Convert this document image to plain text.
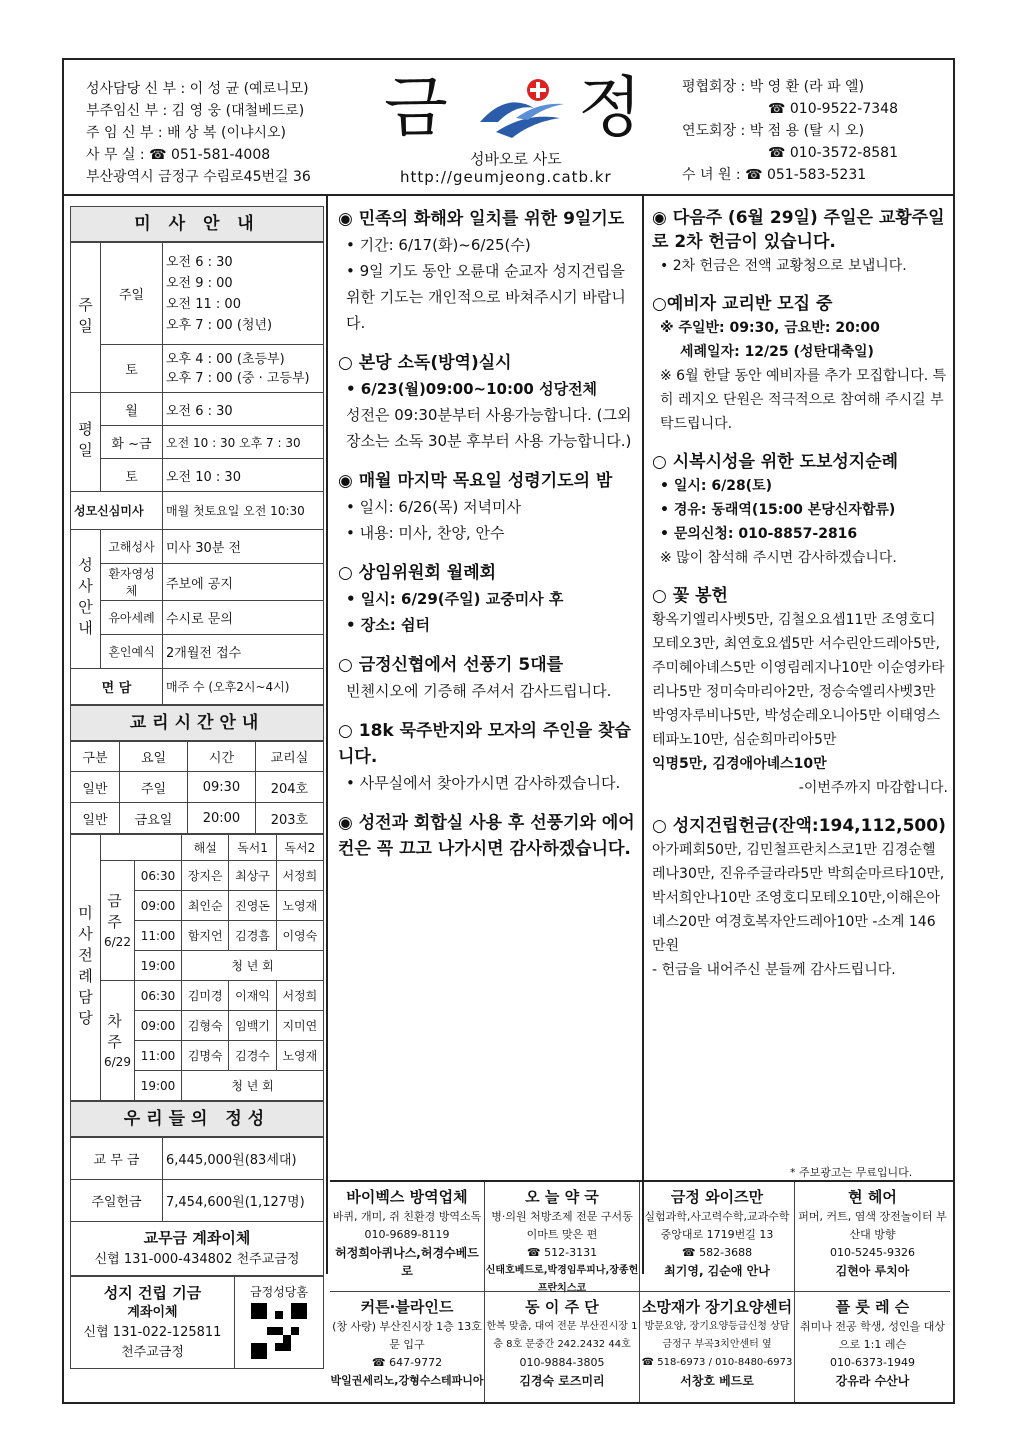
성사담당 신 부 : 이 성 균 (예로니모)
부주임신 부 : 김 영 웅 (대철베드로)
주 임 신 부 : 배 상 복 (이냐시오)
사 무 실 : ☎ 051-581-4008
부산광역시 금정구 수림로45번길 36
금 정
성바오로 사도
http://geumjeong.catb.kr
평협회장 : 박 영 환 (라 파 엘)
☎ 010-9522-7348
연도회장 : 박 점 용 (탈 시 오)
☎ 010-3572-8581
수 녀 원 : ☎ 051-583-5231
미 사 안 내
주일	주일	오전 6 : 30
오전 9 : 00
오전 11 : 00
오후 7 : 00 (청년)

	토	오후 4 : 00 (초등부)
오후 7 : 00 (중 · 고등부)

평일	월	오전 6 : 30
	화 ~금	오전 10 : 30 오후 7 : 30
	토	오전 10 : 30
성모신심미사		매월 첫토요일 오전 10:30
성사안내	고해성사	미사 30분 전
	환자영성체	주보에 공지
	유아세례	수시로 문의
	혼인예식	2개월전 접수
면 담		매주 수 (오후2시~4시)
교리시간안내
구분	요일	시간	교리실
일반	주일	09:30	204호
일반	금요일	20:00	203호
미사전례담당			해설	독서1	독서2

	금주
6/22	06:30	장지은	최상구	서정희
		09:00	최인순	진영돈	노영재
		11:00	함지언	김경흠	이영숙
		19:00	청 년 회		

	차주
6/29	06:30	김미경	이재익	서정희
		09:00	김형숙	임백기	지미연
		11:00	김명숙	김경수	노영재
		19:00	청 년 회		
우리들의 정성
교 무 금	6,445,000원(83세대)
주일헌금	7,454,600원(1,127명)

교무금 계좌이체
신협 131-000-434802 천주교금정	
성지 건립 기금
계좌이체
신협 131-022-125811
천주교금정

금정성당홈
◉ 민족의 화해와 일치를 위한 9일기도
• 기간: 6/17(화)~6/25(수)
• 9일 기도 동안 오륜대 순교자 성지건립을 위한 기도는 개인적으로 바쳐주시기 바랍니다.
○ 본당 소독(방역)실시
• 6/23(월)09:00~10:00 성당전체
성전은 09:30분부터 사용가능합니다. (그외 장소는 소독 30분 후부터 사용 가능합니다.)
◉ 매월 마지막 목요일 성령기도의 밤
• 일시: 6/26(목) 저녁미사
• 내용: 미사, 찬양, 안수
○ 상임위원회 월례회
• 일시: 6/29(주일) 교중미사 후
• 장소: 쉼터
○ 금정신협에서 선풍기 5대를
빈첸시오에 기증해 주셔서 감사드립니다.
○ 18k 묵주반지와 모자의 주인을 찾습니다.
• 사무실에서 찾아가시면 감사하겠습니다.
◉ 성전과 회합실 사용 후 선풍기와 에어컨은 꼭 끄고 나가시면 감사하겠습니다.
◉ 다음주 (6월 29일) 주일은 교황주일로 2차 헌금이 있습니다.
• 2차 헌금은 전액 교황청으로 보냅니다.
○예비자 교리반 모집 중
※ 주일반: 09:30, 금요반: 20:00
세례일자: 12/25 (성탄대축일)
※ 6월 한달 동안 예비자를 추가 모집합니다. 특히 레지오 단원은 적극적으로 참여해 주시길 부탁드립니다.
○ 시복시성을 위한 도보성지순례
• 일시: 6/28(토)
• 경유: 동래역(15:00 본당신자합류)
• 문의신청: 010-8857-2816
※ 많이 참석해 주시면 감사하겠습니다.
○ 꽃 봉헌
황옥기엘리사벳5만, 김철오요셉11만 조영호디모테오3만, 최연호요셉5만 서수린안드레아5만, 주미혜아녜스5만 이영림레지나10만 이순영카타리나5만 정미숙마리아2만, 정승숙엘리사벳3만 박영자루비나5만, 박성순레오니아5만 이태영스테파노10만, 심순희마리아5만
익명5만, 김경애아녜스10만
-이번주까지 마감합니다.
○ 성지건립헌금(잔액:194,112,500)
아가페회50만, 김민철프란치스코1만 김경순헬레나30만, 진유주글라라5만 박희순마르타10만, 박서희안나10만 조영호디모테오10만,이해은아녜스20만 여경호복자안드레아10만 -소계 146 만원
- 헌금을 내어주신 분들께 감사드립니다.
* 주보광고는 무료입니다.
바이벡스 방역업체
바퀴, 개미, 쥐 친환경 방역소독
010-9689-8119
허정희아퀴나스,허경수베드로
오 늘 약 국
병·의원 처방조제 전문 구서동 이마트 맞은 편
☎ 512-3131
신태호베드로,박경임루피나,장종헌프란치스코
금정 와이즈만
실험과학,사고력수학,교과수학 중앙대로 1719번길 13
☎ 582-3688
최기영, 김순애 안나
현 헤어
퍼머, 커트, 염색 장전놀이터 부산대 방향
010-5245-9326
김현아 루치아
커튼·블라인드
(창 사랑) 부산진시장 1층 13호문 입구
☎ 647-9772
박일권세리노,강형수스테파니아
동 이 주 단
한복 맞춤, 대여 전문 부산진시장 1층 8호 문중간 242.2432 44호
010-9884-3805
김경숙 로즈미리
소망재가 장기요양센터
방문요양, 장기요양등급신청 상담 금정구 부곡3치안센터 옆
☎ 518-6973 / 010-8480-6973
서창호 베드로
플 룻 레 슨
취미나 전공 학생, 성인을 대상으로 1:1 레슨
010-6373-1949
강유라 수산나
